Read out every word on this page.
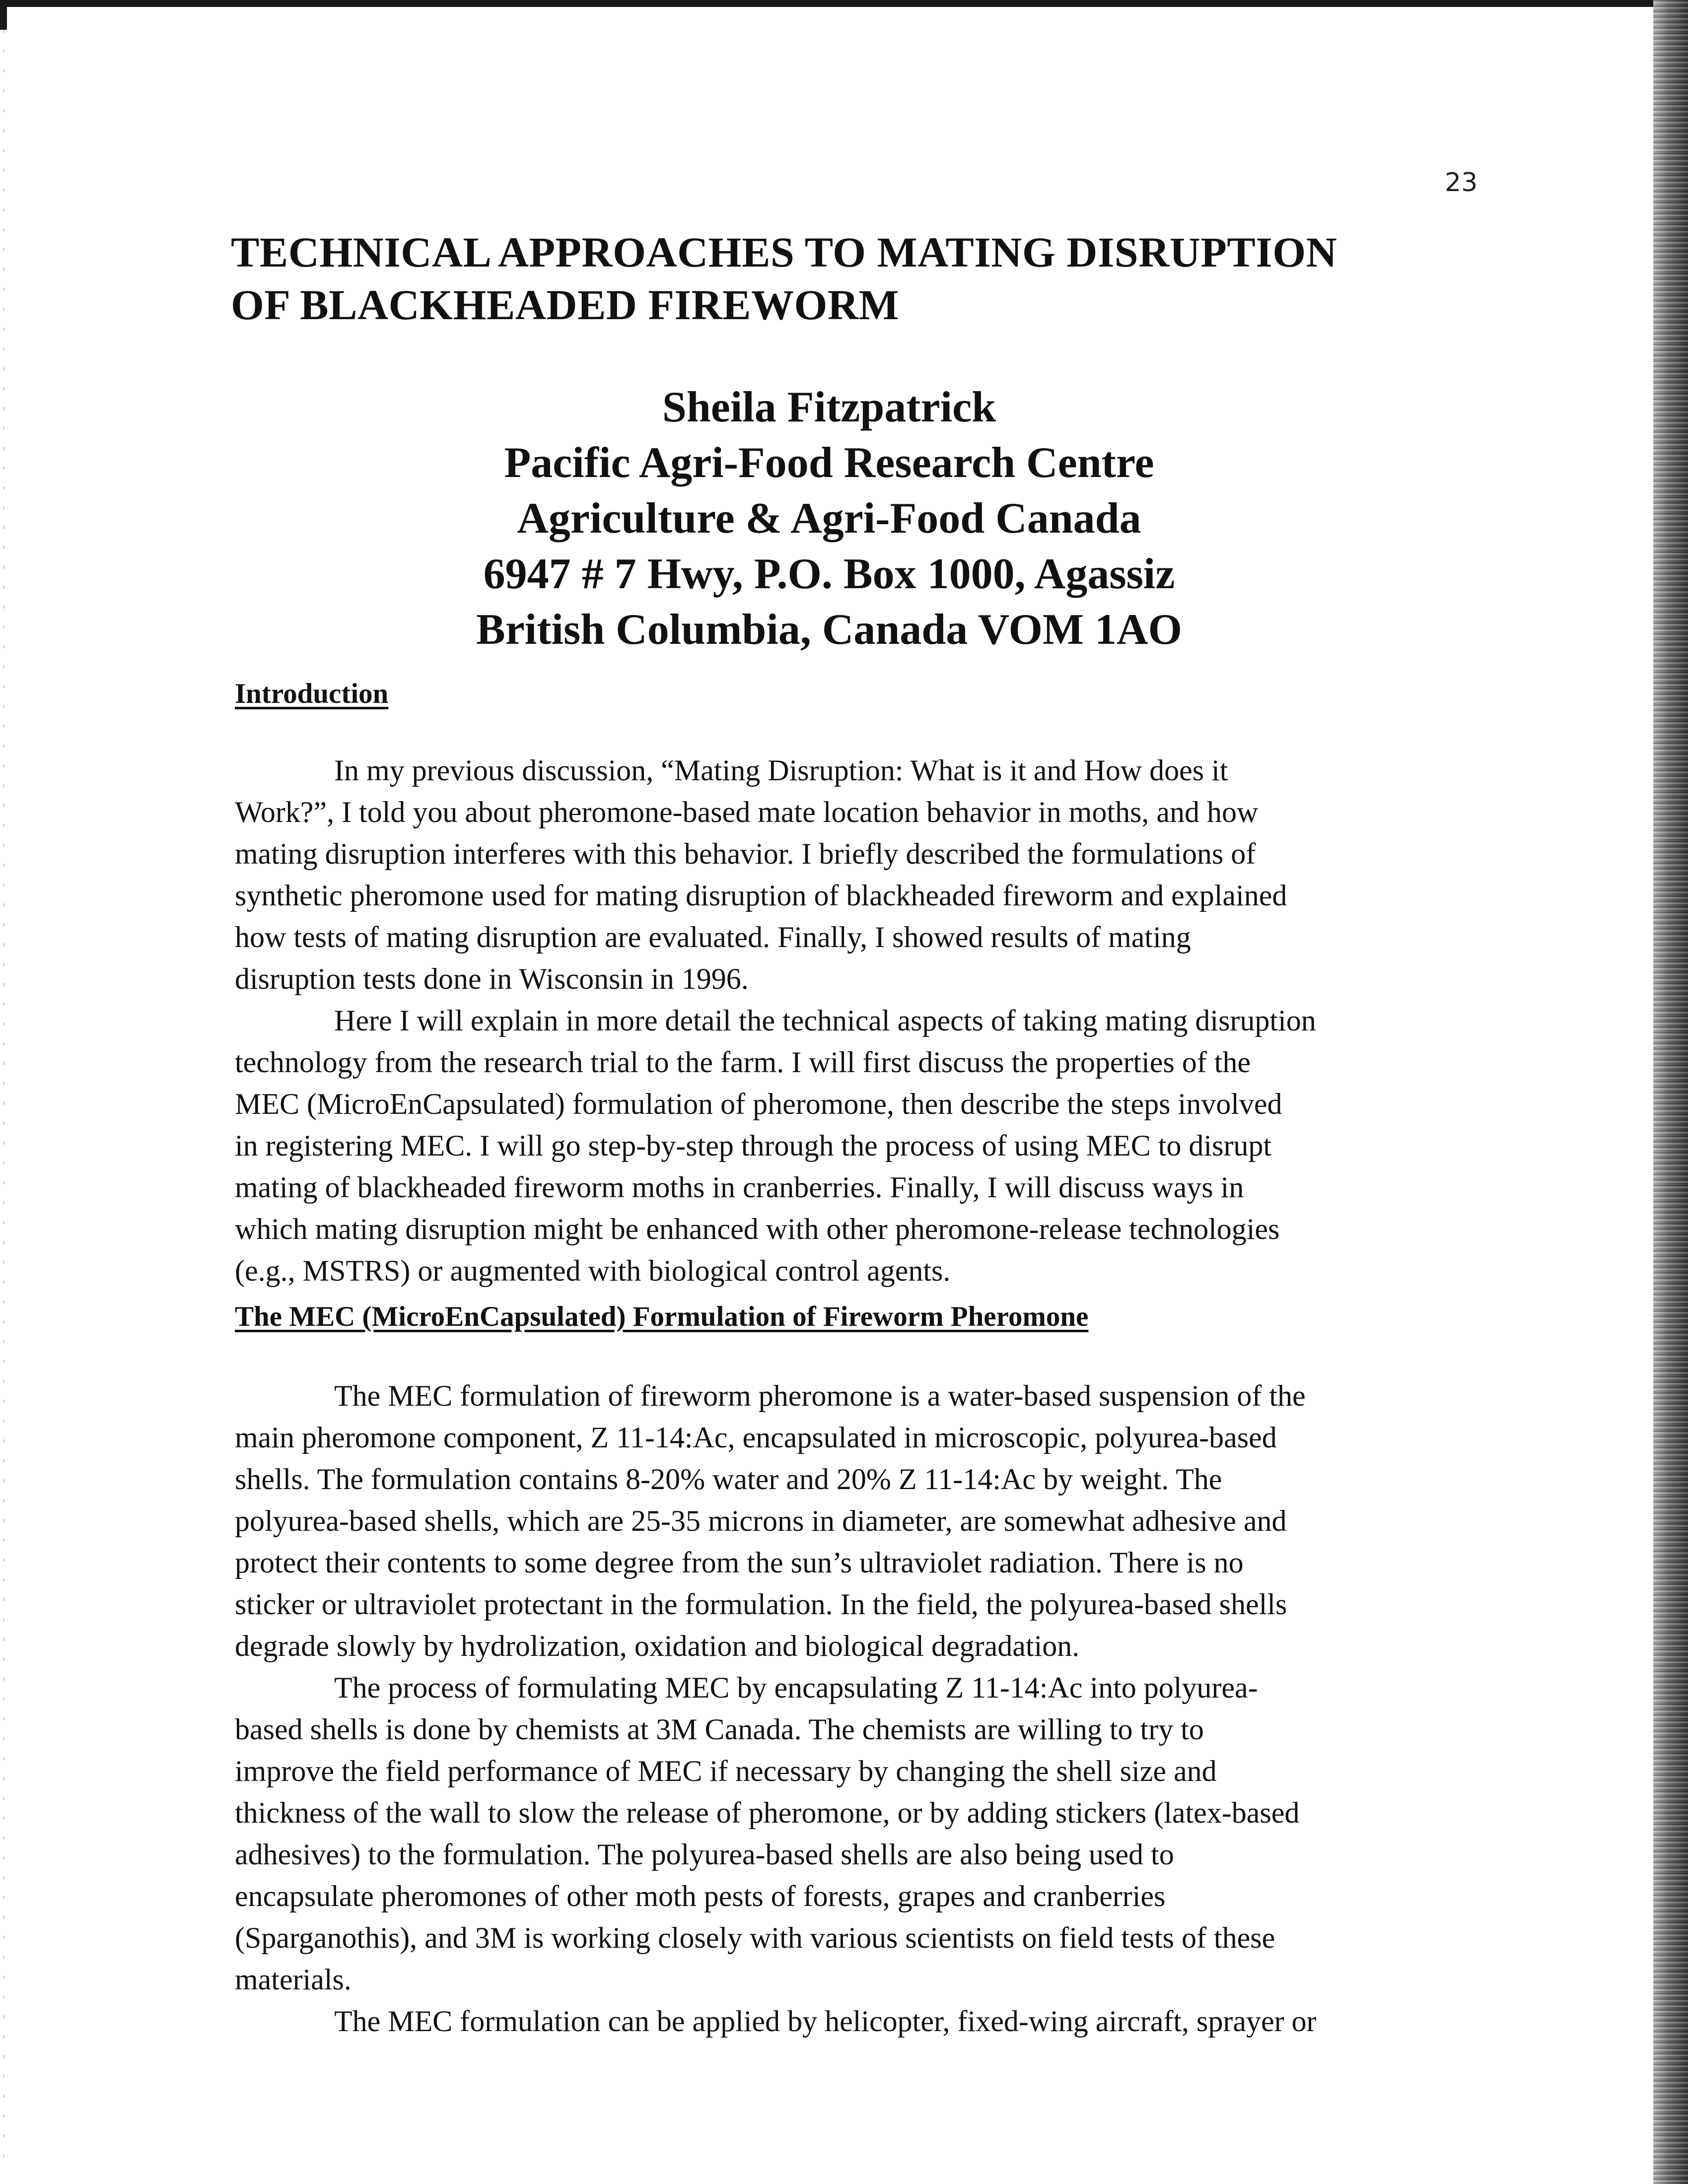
23
TECHNICAL APPROACHES TO MATING DISRUPTION
OF BLACKHEADED FIREWORM
Sheila Fitzpatrick
Pacific Agri-Food Research Centre
Agriculture & Agri-Food Canada
6947 # 7 Hwy, P.O. Box 1000, Agassiz
British Columbia, Canada VOM 1AO
Introduction
In my previous discussion, “Mating Disruption: What is it and How does it
Work?”, I told you about pheromone-based mate location behavior in moths, and how
mating disruption interferes with this behavior. I briefly described the formulations of
synthetic pheromone used for mating disruption of blackheaded fireworm and explained
how tests of mating disruption are evaluated. Finally, I showed results of mating
disruption tests done in Wisconsin in 1996.
Here I will explain in more detail the technical aspects of taking mating disruption
technology from the research trial to the farm. I will first discuss the properties of the
MEC (MicroEnCapsulated) formulation of pheromone, then describe the steps involved
in registering MEC. I will go step-by-step through the process of using MEC to disrupt
mating of blackheaded fireworm moths in cranberries. Finally, I will discuss ways in
which mating disruption might be enhanced with other pheromone-release technologies
(e.g., MSTRS) or augmented with biological control agents.
The MEC (MicroEnCapsulated) Formulation of Fireworm Pheromone
The MEC formulation of fireworm pheromone is a water-based suspension of the
main pheromone component, Z 11-14:Ac, encapsulated in microscopic, polyurea-based
shells. The formulation contains 8-20% water and 20% Z 11-14:Ac by weight. The
polyurea-based shells, which are 25-35 microns in diameter, are somewhat adhesive and
protect their contents to some degree from the sun’s ultraviolet radiation. There is no
sticker or ultraviolet protectant in the formulation. In the field, the polyurea-based shells
degrade slowly by hydrolization, oxidation and biological degradation.
The process of formulating MEC by encapsulating Z 11-14:Ac into polyurea-
based shells is done by chemists at 3M Canada. The chemists are willing to try to
improve the field performance of MEC if necessary by changing the shell size and
thickness of the wall to slow the release of pheromone, or by adding stickers (latex-based
adhesives) to the formulation. The polyurea-based shells are also being used to
encapsulate pheromones of other moth pests of forests, grapes and cranberries
(Sparganothis), and 3M is working closely with various scientists on field tests of these
materials.
The MEC formulation can be applied by helicopter, fixed-wing aircraft, sprayer or
